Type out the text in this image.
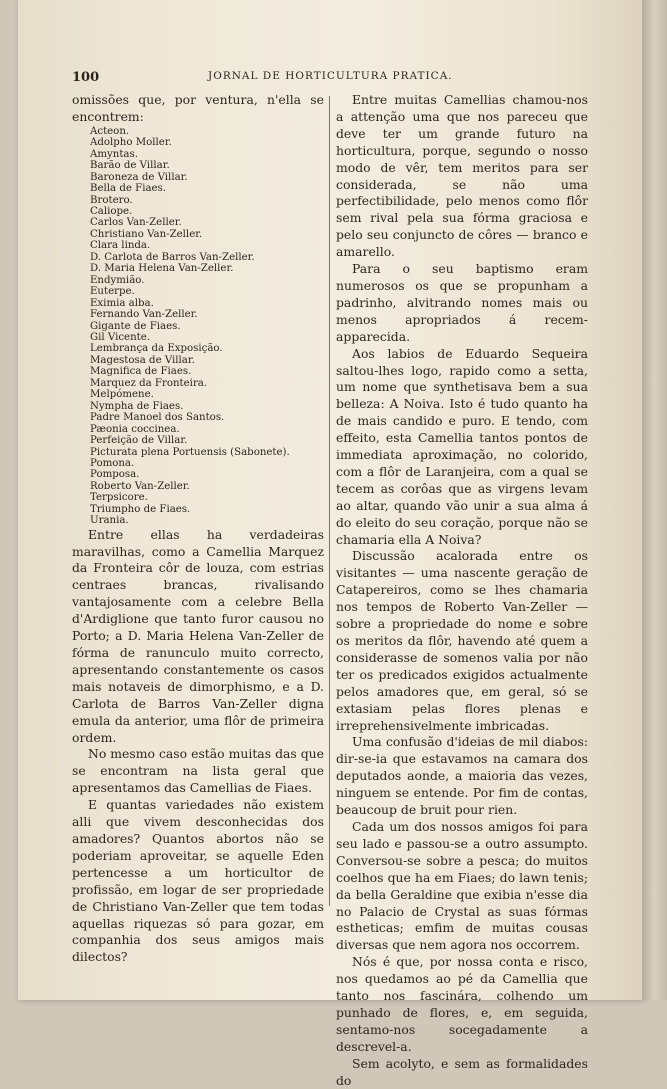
100	JORNAL DE HORTICULTURA PRATICA.

omissões que, por ventura, n'ella se encontrem:

Acteon.
Adolpho Moller.
Amyntas.
Barão de Villar.
Baroneza de Villar.
Bella de Fiaes.
Brotero.
Caliope.
Carlos Van-Zeller.
Christiano Van-Zeller.
Clara linda.
D. Carlota de Barros Van-Zeller.
D. Maria Helena Van-Zeller.
Endymião.
Euterpe.
Eximia alba.
Fernando Van-Zeller.
Gigante de Fiaes.
Gil Vicente.
Lembrança da Exposição.
Magestosa de Villar.
Magnifica de Fiaes.
Marquez da Fronteira.
Melpómene.
Nympha de Fiaes.
Padre Manoel dos Santos.
Pæonia coccinea.
Perfeição de Villar.
Picturata plena Portuensis (Sabonete).
Pomona.
Pomposa.
Roberto Van-Zeller.
Terpsicore.
Triumpho de Fiaes.
Urania.

Entre ellas ha verdadeiras maravilhas, como a Camellia Marquez da Fronteira côr de louza, com estrias centraes brancas, rivalisando vantajosamente com a celebre Bella d'Ardiglione que tanto furor causou no Porto; a D. Maria Helena Van-Zeller de fórma de ranunculo muito correcto, apresentando constantemente os casos mais notaveis de dimorphismo, e a D. Carlota de Barros Van-Zeller digna emula da anterior, uma flôr de primeira ordem.

No mesmo caso estão muitas das que se encontram na lista geral que apresentamos das Camellias de Fiaes.

E quantas variedades não existem alli que vivem desconhecidas dos amadores? Quantos abortos não se poderiam aproveitar, se aquelle Eden pertencesse a um horticultor de profissão, em logar de ser propriedade de Christiano Van-Zeller que tem todas aquellas riquezas só para gozar, em companhia dos seus amigos mais dilectos?

Entre muitas Camellias chamou-nos a attenção uma que nos pareceu que deve ter um grande futuro na horticultura, porque, segundo o nosso modo de vêr, tem meritos para ser considerada, se não uma perfectibilidade, pelo menos como flôr sem rival pela sua fórma graciosa e pelo seu conjuncto de côres — branco e amarello.

Para o seu baptismo eram numerosos os que se propunham a padrinho, alvitrando nomes mais ou menos apropriados á recem-apparecida.

Aos labios de Eduardo Sequeira saltou-lhes logo, rapido como a setta, um nome que synthetisava bem a sua belleza: A Noiva. Isto é tudo quanto ha de mais candido e puro. E tendo, com effeito, esta Camellia tantos pontos de immediata aproximação, no colorido, com a flôr de Laranjeira, com a qual se tecem as corôas que as virgens levam ao altar, quando vão unir a sua alma á do eleito do seu coração, porque não se chamaria ella A Noiva?

Discussão acalorada entre os visitantes — uma nascente geração de Catapereiros, como se lhes chamaria nos tempos de Roberto Van-Zeller — sobre a propriedade do nome e sobre os meritos da flôr, havendo até quem a considerasse de somenos valia por não ter os predicados exigidos actualmente pelos amadores que, em geral, só se extasiam pelas flores plenas e irreprehensivelmente imbricadas.

Uma confusão d'ideias de mil diabos: dir-se-ia que estavamos na camara dos deputados aonde, a maioria das vezes, ninguem se entende. Por fim de contas, beaucoup de bruit pour rien.

Cada um dos nossos amigos foi para seu lado e passou-se a outro assumpto. Conversou-se sobre a pesca; do muitos coelhos que ha em Fiaes; do lawn tenis; da bella Geraldine que exibia n'esse dia no Palacio de Crystal as suas fórmas estheticas; emfim de muitas cousas diversas que nem agora nos occorrem.

Nós é que, por nossa conta e risco, nos quedamos ao pé da Camellia que tanto nos fascinára, colhendo um punhado de flores, e, em seguida, sentamo-nos socegadamente a descrevel-a.

Sem acolyto, e sem as formalidades do
